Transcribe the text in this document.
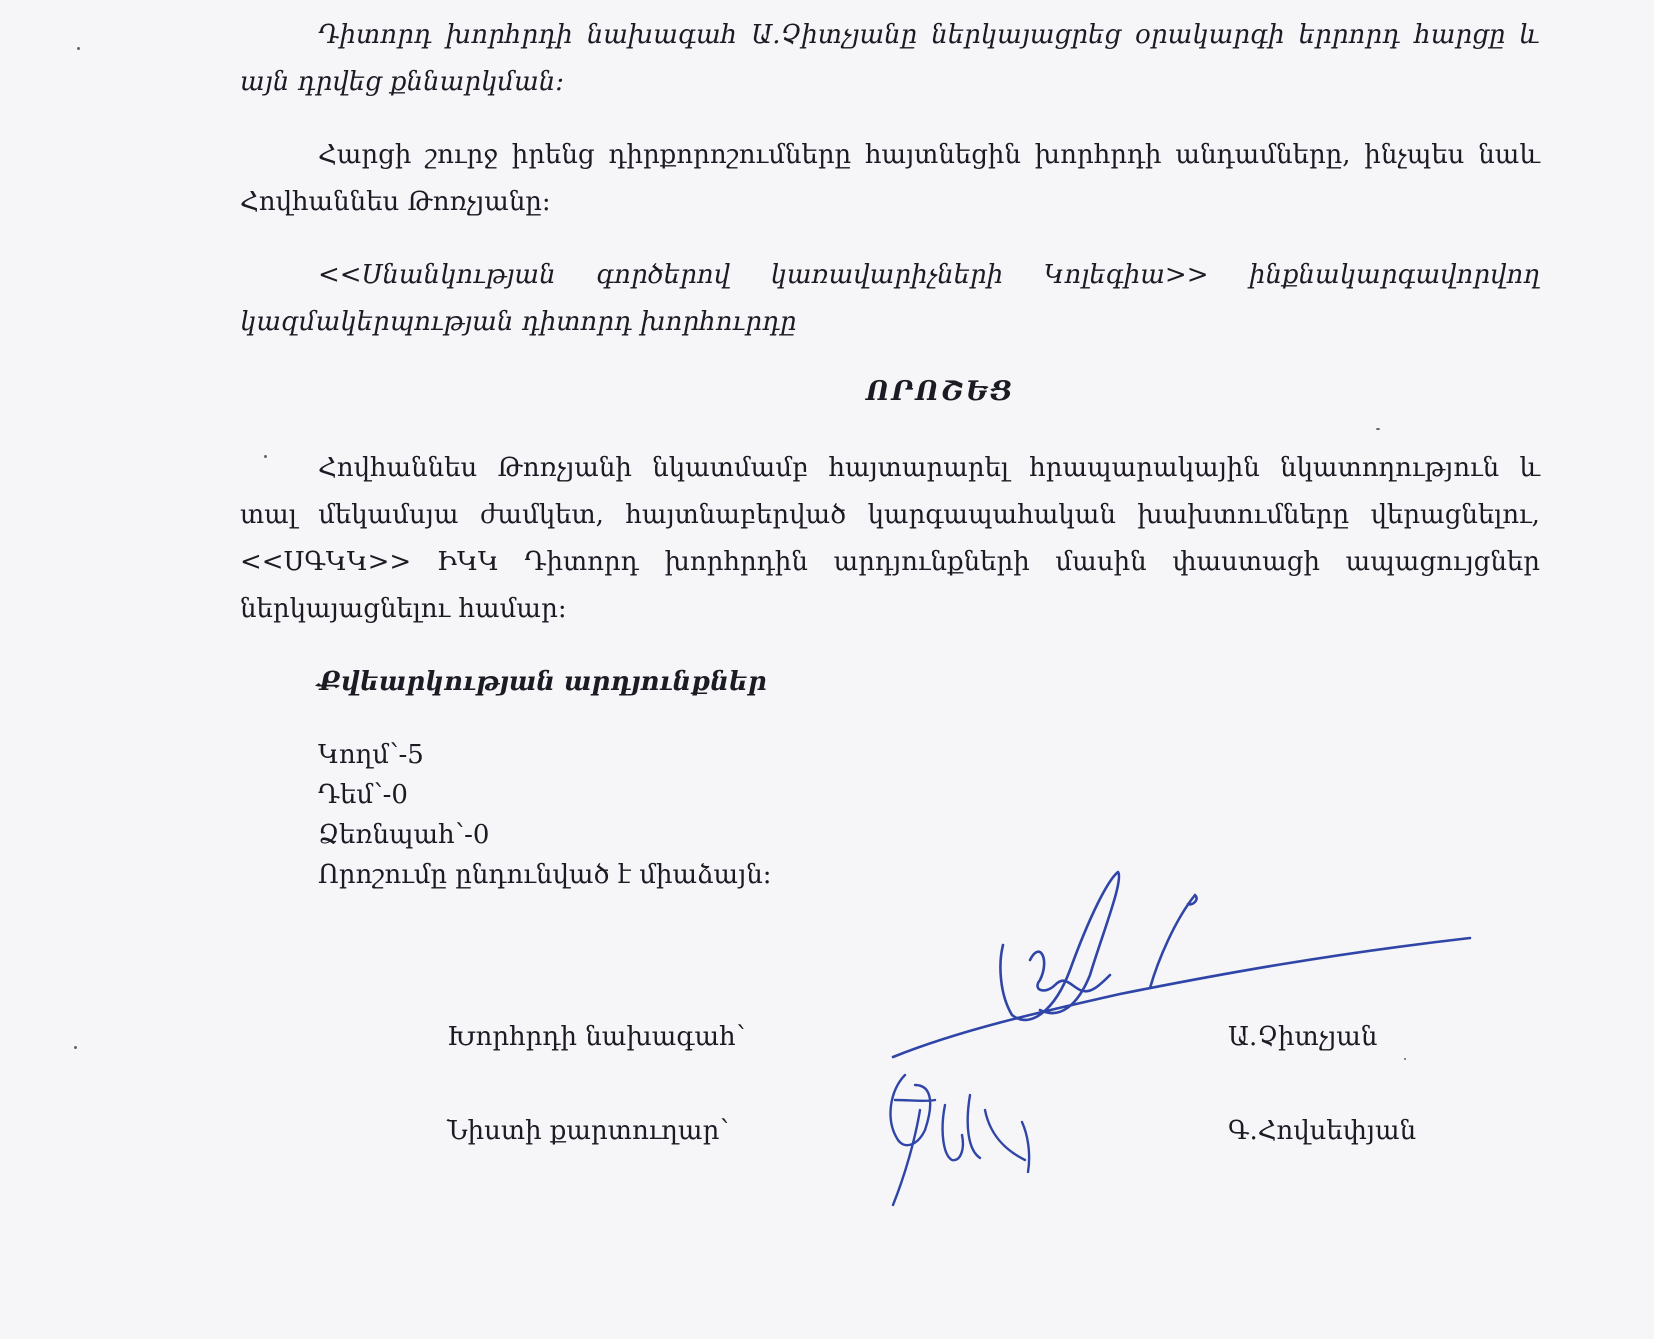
Դիտորդ խորհրդի նախագահ Ա.Չիտչյանը ներկայացրեց օրակարգի երրորդ հարցը և
այն դրվեց քննարկման:
Հարցի շուրջ իրենց դիրքորոշումները հայտնեցին խորհրդի անդամները, ինչպես նաև
Հովհաննես Թոռչյանը:
<<Սնանկության գործերով կառավարիչների Կոլեգիա>> ինքնակարգավորվող
կազմակերպության դիտորդ խորհուրդը
ՈՐՈՇԵՑ
Հովհաննես Թոռչյանի նկատմամբ հայտարարել հրապարակային նկատողություն և
տալ մեկամսյա ժամկետ, հայտնաբերված կարգապահական խախտումները վերացնելու,
<<ՍԳԿԿ>> ԻԿԿ Դիտորդ խորհրդին արդյունքների մասին փաստացի ապացույցներ
ներկայացնելու համար:
Քվեարկության արդյունքներ
Կողմ՝-5
Դեմ՝-0
Ձեռնպահ՝-0
Որոշումը ընդունված է միաձայն:
Խորհրդի նախագահ՝	Ա.Չիտչյան
Նիստի քարտուղար՝	Գ.Հովսեփյան
